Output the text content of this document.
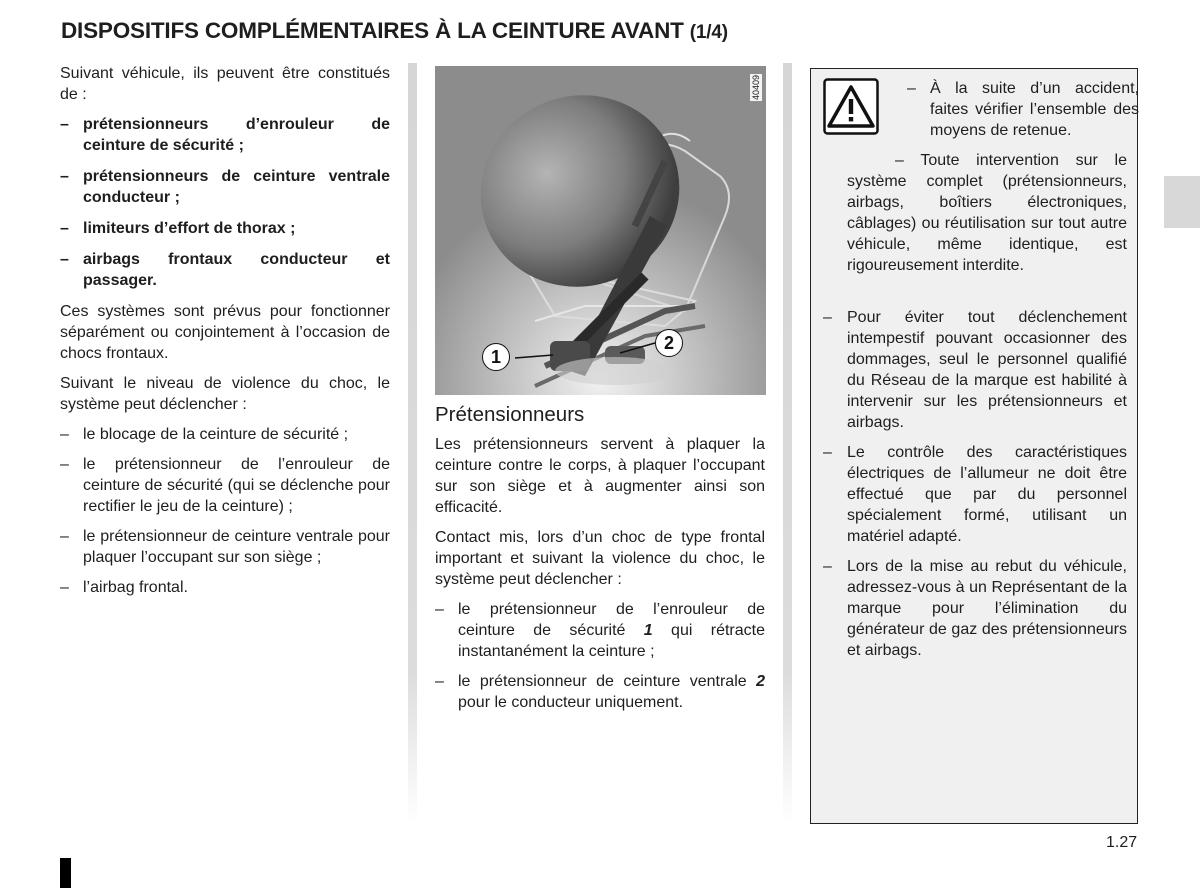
DISPOSITIFS COMPLÉMENTAIRES À LA CEINTURE AVANT (1/4)

Suivant véhicule, ils peuvent être constitués de :

– prétensionneurs d’enrouleur de ceinture de sécurité ;
– prétensionneurs de ceinture ventrale conducteur ;
– limiteurs d’effort de thorax ;
– airbags frontaux conducteur et passager.

Ces systèmes sont prévus pour fonctionner séparément ou conjointement à l’occasion de chocs frontaux.

Suivant le niveau de violence du choc, le système peut déclencher :

– le blocage de la ceinture de sécurité ;
– le prétensionneur de l’enrouleur de ceinture de sécurité (qui se déclenche pour rectifier le jeu de la ceinture) ;
– le prétensionneur de ceinture ventrale pour plaquer l’occupant sur son siège ;
– l’airbag frontal.
40409
1
2
Prétensionneurs

Les prétensionneurs servent à plaquer la ceinture contre le corps, à plaquer l’occupant sur son siège et à augmenter ainsi son efficacité.

Contact mis, lors d’un choc de type frontal important et suivant la violence du choc, le système peut déclencher :

– le prétensionneur de l’enrouleur de ceinture de sécurité 1 qui rétracte instantanément la ceinture ;
– le prétensionneur de ceinture ventrale 2 pour le conducteur uniquement.
– À la suite d’un accident, faites vérifier l’ensemble des moyens de retenue.

– Toute intervention sur le système complet (prétensionneurs, airbags, boîtiers électroniques, câblages) ou réutilisation sur tout autre véhicule, même identique, est rigoureusement interdite.

– Pour éviter tout déclenchement intempestif pouvant occasionner des dommages, seul le personnel qualifié du Réseau de la marque est habilité à intervenir sur les prétensionneurs et airbags.
– Le contrôle des caractéristiques électriques de l’allumeur ne doit être effectué que par du personnel spécialement formé, utilisant un matériel adapté.
– Lors de la mise au rebut du véhicule, adressez-vous à un Représentant de la marque pour l’élimination du générateur de gaz des prétensionneurs et airbags.
1.27
